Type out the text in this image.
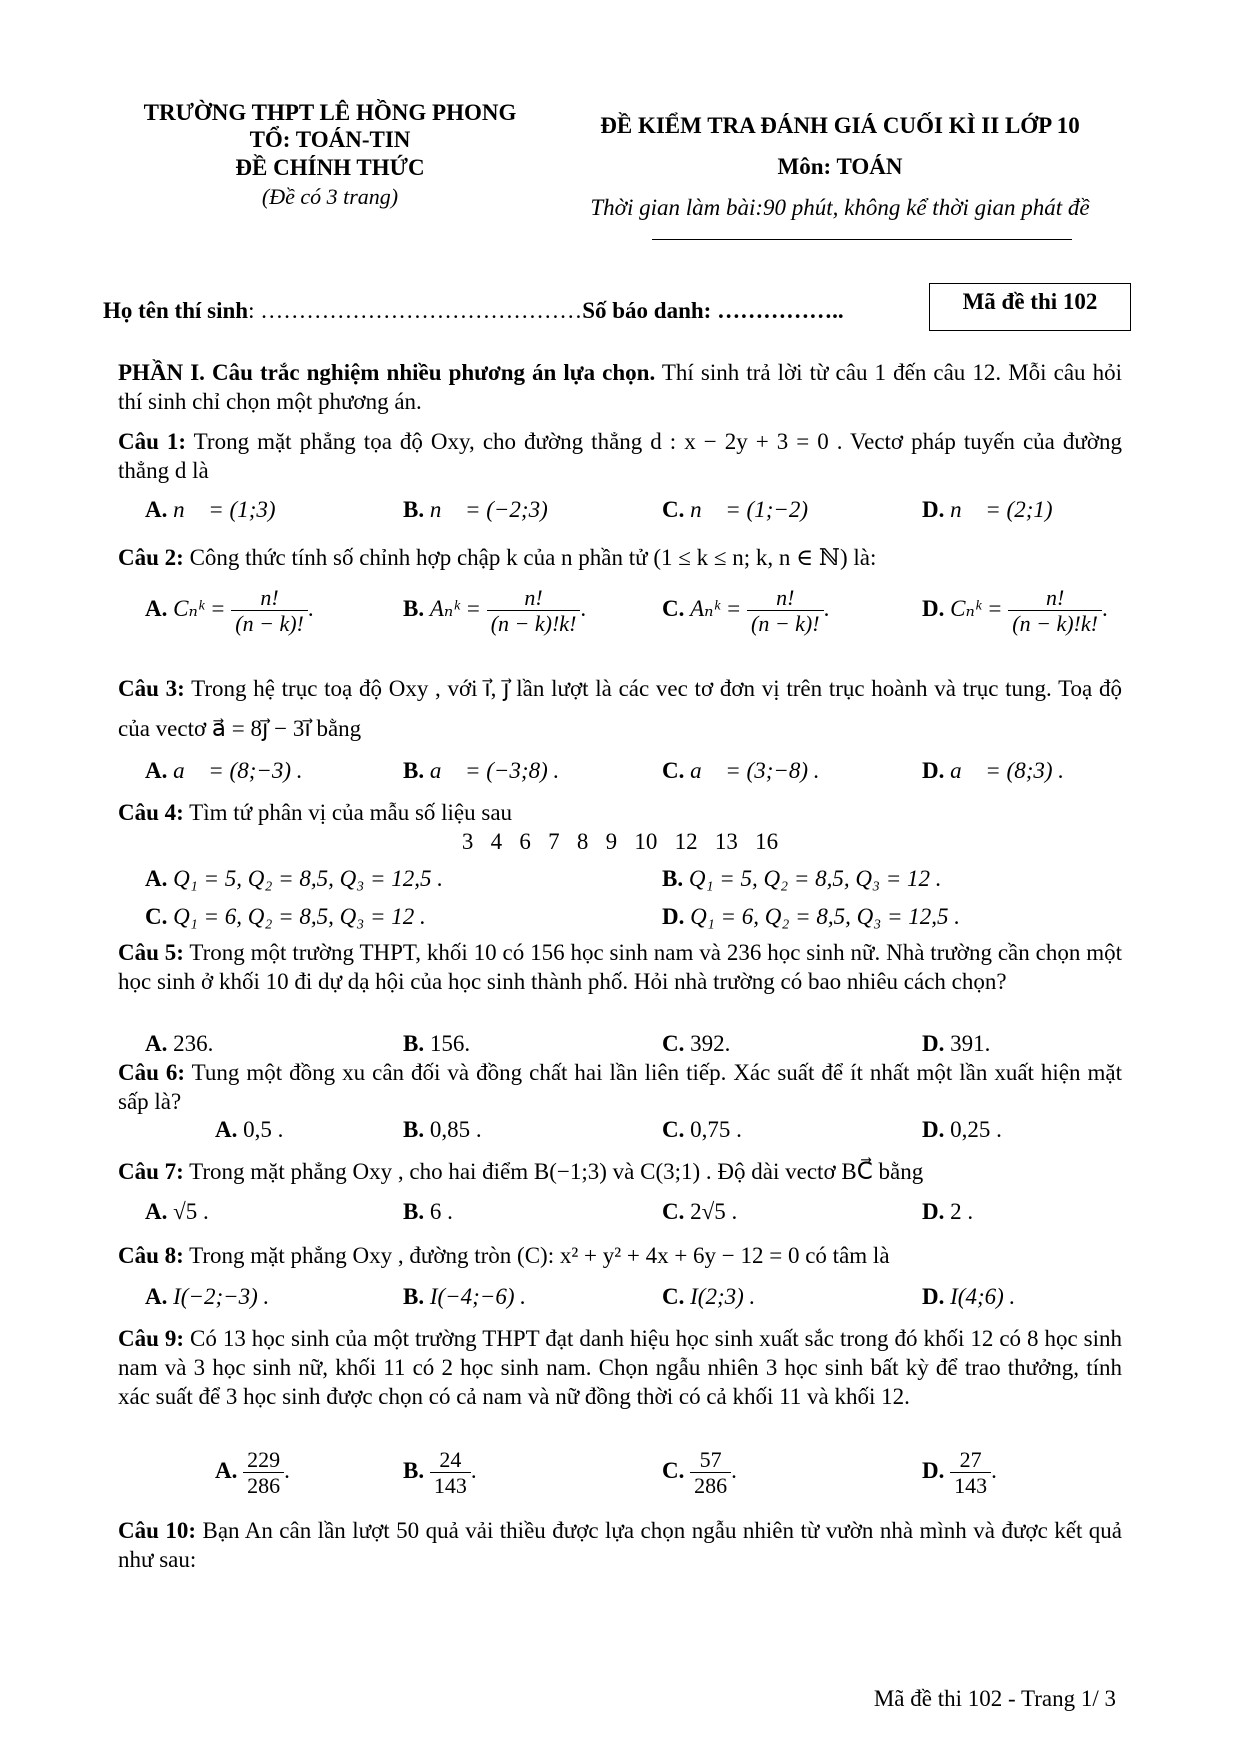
TRƯỜNG THPT LÊ HỒNG PHONG
TỔ: TOÁN-TIN
ĐỀ CHÍNH THỨC
(Đề có 3 trang)
ĐỀ KIỂM TRA ĐÁNH GIÁ CUỐI KÌ II LỚP 10
Môn: TOÁN
Thời gian làm bài:90 phút, không kể thời gian phát đề
Họ tên thí sinh: ……………………………………Số báo danh: ……………..	Mã đề thi 102
PHẦN I. Câu trắc nghiệm nhiều phương án lựa chọn. Thí sinh trả lời từ câu 1 đến câu 12. Mỗi câu hỏi thí sinh chỉ chọn một phương án.
Câu 1: Trong mặt phẳng tọa độ Oxy, cho đường thẳng d : x − 2y + 3 = 0 . Vectơ pháp tuyến của đường thẳng d là
A. n⃗ = (1;3)	B. n⃗ = (−2;3)	C. n⃗ = (1;−2)	D. n⃗ = (2;1)
Câu 2: Công thức tính số chỉnh hợp chập k của n phần tử (1 ≤ k ≤ n; k, n ∈ ℕ) là:
A. Cₙᵏ = $\frac{n!}{(n - k)!}$ .	B. Aₙᵏ = $\frac{n!}{(n - k)!k!}$ .	C. Aₙᵏ = $\frac{n!}{(n - k)!}$ .	D. Cₙᵏ = $\frac{n!}{(n - k)!k!}$ .
Câu 3: Trong hệ trục toạ độ Oxy , với i⃗, j⃗ lần lượt là các vec tơ đơn vị trên trục hoành và trục tung. Toạ độ của vectơ a⃗ = 8j⃗ − 3i⃗ bằng
A. a⃗ = (8;−3) .	B. a⃗ = (−3;8) .	C. a⃗ = (3;−8) .	D. a⃗ = (8;3) .
Câu 4: Tìm tứ phân vị của mẫu số liệu sau
3   4   6   7   8   9   10   12   13   16
A. Q₁ = 5, Q₂ = 8,5, Q₃ = 12,5 .	B. Q₁ = 5, Q₂ = 8,5, Q₃ = 12 .
C. Q₁ = 6, Q₂ = 8,5, Q₃ = 12 .	D. Q₁ = 6, Q₂ = 8,5, Q₃ = 12,5 .
Câu 5: Trong một trường THPT, khối 10 có 156 học sinh nam và 236 học sinh nữ. Nhà trường cần chọn một học sinh ở khối 10 đi dự dạ hội của học sinh thành phố. Hỏi nhà trường có bao nhiêu cách chọn?
A. 236.	B. 156.	C. 392.	D. 391.
Câu 6: Tung một đồng xu cân đối và đồng chất hai lần liên tiếp. Xác suất để ít nhất một lần xuất hiện mặt sấp là?
A. 0,5 .	B. 0,85 .	C. 0,75 .	D. 0,25 .
Câu 7: Trong mặt phẳng Oxy , cho hai điểm B(−1;3) và C(3;1) . Độ dài vectơ BC⃗ bằng
A. √5 .	B. 6 .	C. 2√5 .	D. 2 .
Câu 8: Trong mặt phẳng Oxy , đường tròn (C): x² + y² + 4x + 6y − 12 = 0 có tâm là
A. I(−2;−3) .	B. I(−4;−6) .	C. I(2;3) .	D. I(4;6) .
Câu 9: Có 13 học sinh của một trường THPT đạt danh hiệu học sinh xuất sắc trong đó khối 12 có 8 học sinh nam và 3 học sinh nữ, khối 11 có 2 học sinh nam. Chọn ngẫu nhiên 3 học sinh bất kỳ để trao thưởng, tính xác suất để 3 học sinh được chọn có cả nam và nữ đồng thời có cả khối 11 và khối 12.
A. $\frac{229}{286}$ .	B. $\frac{24}{143}$ .	C. $\frac{57}{286}$ .	D. $\frac{27}{143}$ .
Câu 10: Bạn An cân lần lượt 50 quả vải thiều được lựa chọn ngẫu nhiên từ vườn nhà mình và được kết quả như sau:
Mã đề thi 102 - Trang 1/ 3
